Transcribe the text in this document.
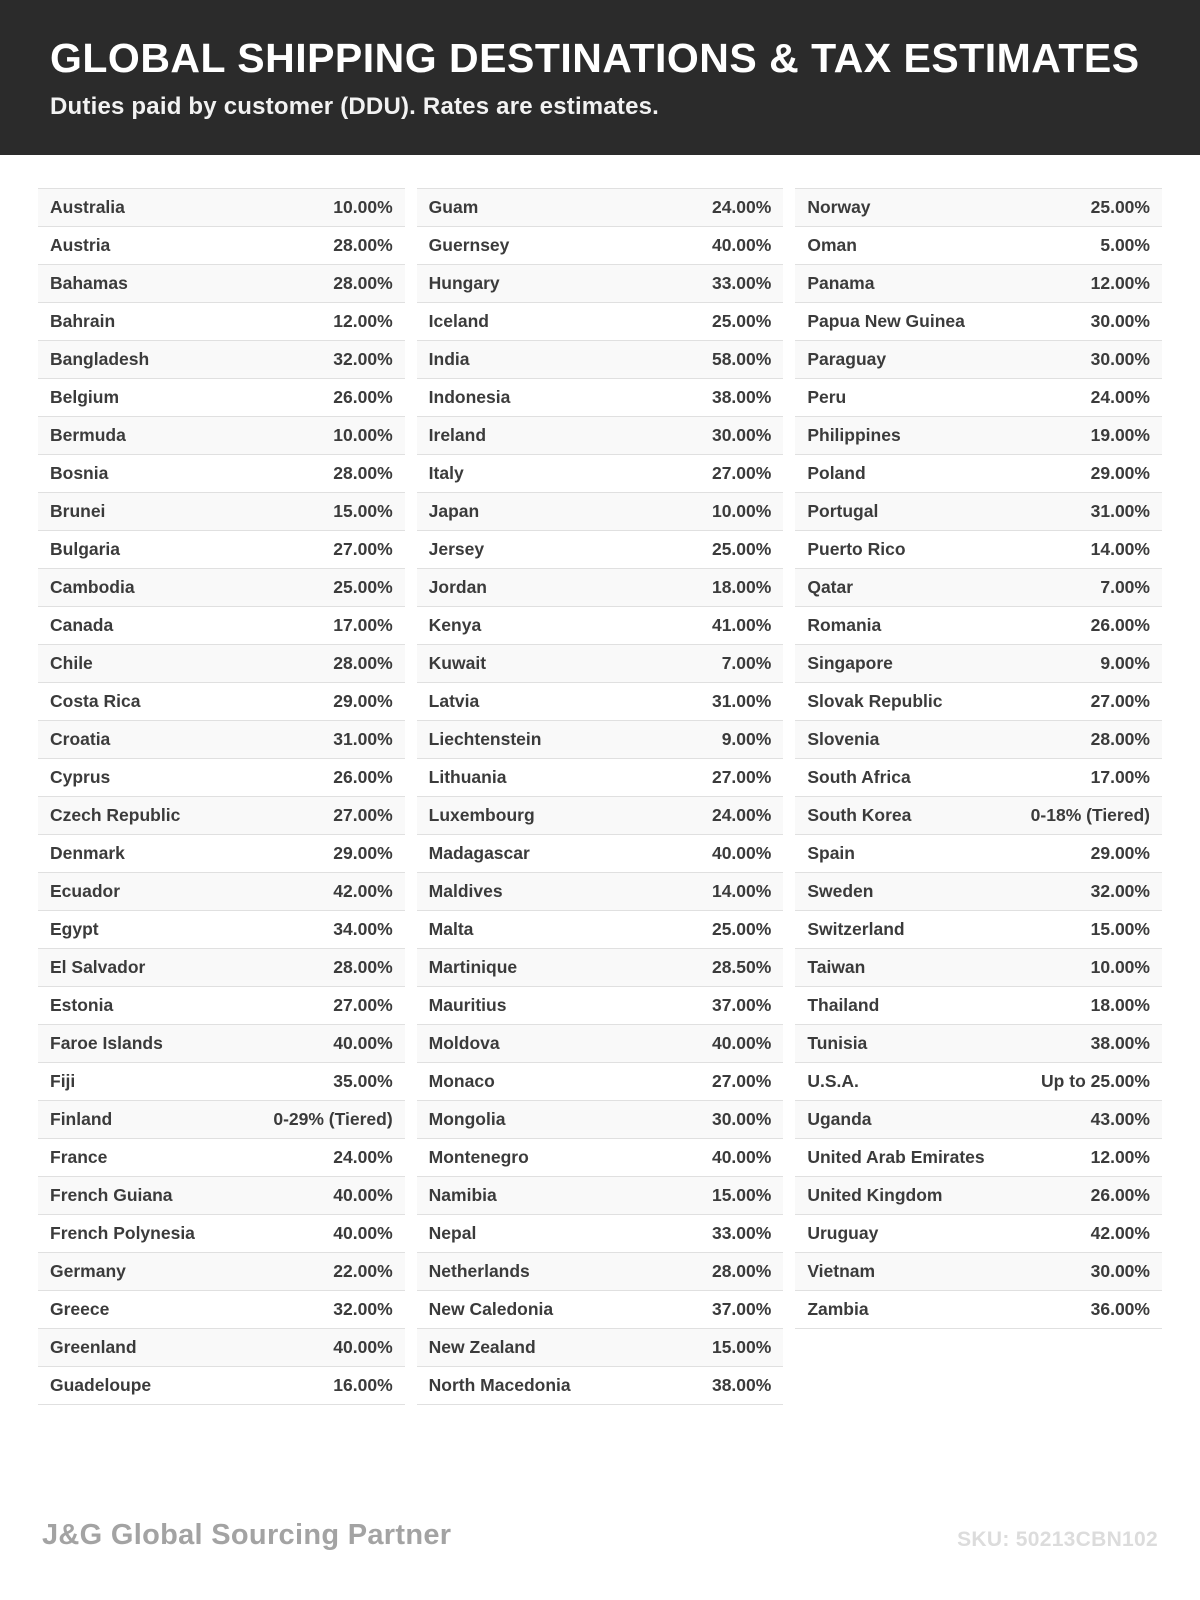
GLOBAL SHIPPING DESTINATIONS & TAX ESTIMATES
Duties paid by customer (DDU). Rates are estimates.
Australia	10.00%
Austria	28.00%
Bahamas	28.00%
Bahrain	12.00%
Bangladesh	32.00%
Belgium	26.00%
Bermuda	10.00%
Bosnia	28.00%
Brunei	15.00%
Bulgaria	27.00%
Cambodia	25.00%
Canada	17.00%
Chile	28.00%
Costa Rica	29.00%
Croatia	31.00%
Cyprus	26.00%
Czech Republic	27.00%
Denmark	29.00%
Ecuador	42.00%
Egypt	34.00%
El Salvador	28.00%
Estonia	27.00%
Faroe Islands	40.00%
Fiji	35.00%
Finland	0-29% (Tiered)
France	24.00%
French Guiana	40.00%
French Polynesia	40.00%
Germany	22.00%
Greece	32.00%
Greenland	40.00%
Guadeloupe	16.00%
Guam	24.00%
Guernsey	40.00%
Hungary	33.00%
Iceland	25.00%
India	58.00%
Indonesia	38.00%
Ireland	30.00%
Italy	27.00%
Japan	10.00%
Jersey	25.00%
Jordan	18.00%
Kenya	41.00%
Kuwait	7.00%
Latvia	31.00%
Liechtenstein	9.00%
Lithuania	27.00%
Luxembourg	24.00%
Madagascar	40.00%
Maldives	14.00%
Malta	25.00%
Martinique	28.50%
Mauritius	37.00%
Moldova	40.00%
Monaco	27.00%
Mongolia	30.00%
Montenegro	40.00%
Namibia	15.00%
Nepal	33.00%
Netherlands	28.00%
New Caledonia	37.00%
New Zealand	15.00%
North Macedonia	38.00%
Norway	25.00%
Oman	5.00%
Panama	12.00%
Papua New Guinea	30.00%
Paraguay	30.00%
Peru	24.00%
Philippines	19.00%
Poland	29.00%
Portugal	31.00%
Puerto Rico	14.00%
Qatar	7.00%
Romania	26.00%
Singapore	9.00%
Slovak Republic	27.00%
Slovenia	28.00%
South Africa	17.00%
South Korea	0-18% (Tiered)
Spain	29.00%
Sweden	32.00%
Switzerland	15.00%
Taiwan	10.00%
Thailand	18.00%
Tunisia	38.00%
U.S.A.	Up to 25.00%
Uganda	43.00%
United Arab Emirates	12.00%
United Kingdom	26.00%
Uruguay	42.00%
Vietnam	30.00%
Zambia	36.00%
J&G Global Sourcing Partner	SKU: 50213CBN102
